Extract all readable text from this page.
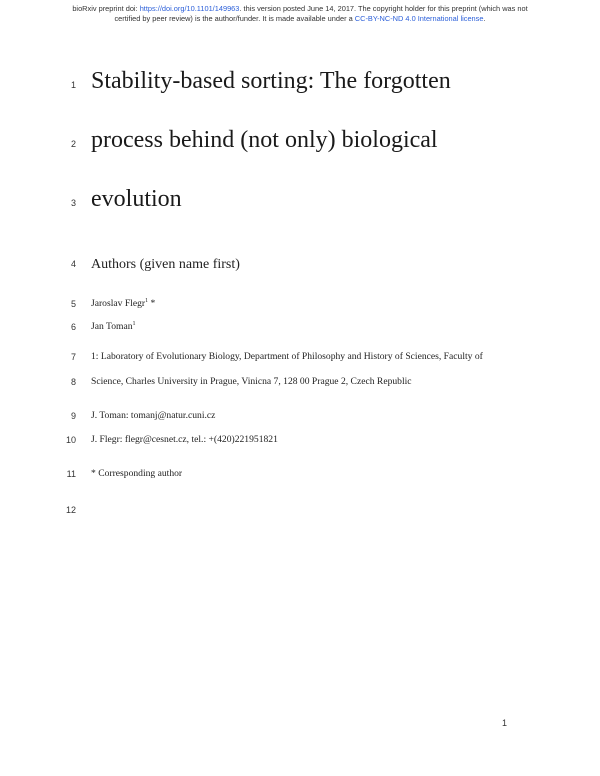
bioRxiv preprint doi: https://doi.org/10.1101/149963. this version posted June 14, 2017. The copyright holder for this preprint (which was not
certified by peer review) is the author/funder. It is made available under a CC-BY-NC-ND 4.0 International license.
1
2
3
4
5
6
7
8
9
10
11
12
Stability-based sorting: The forgotten
process behind (not only) biological
evolution
Authors (given name first)
Jaroslav Flegr$^1$ *
Jan Toman$^1$
1: Laboratory of Evolutionary Biology, Department of Philosophy and History of Sciences, Faculty of
Science, Charles University in Prague, Vinicna 7, 128 00 Prague 2, Czech Republic
J. Toman: tomanj@natur.cuni.cz
J. Flegr: flegr@cesnet.cz, tel.: +(420)221951821
* Corresponding author
1
